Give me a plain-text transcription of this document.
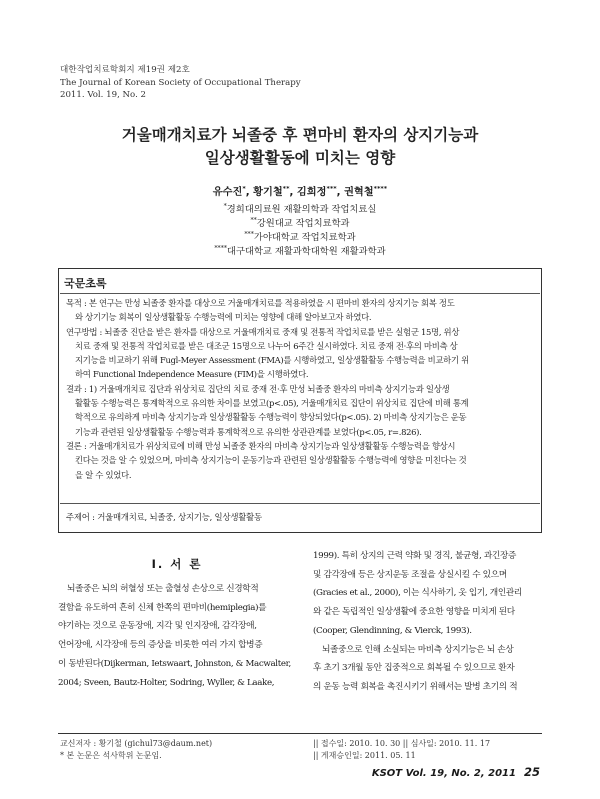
대한작업치료학회지 제19권 제2호
The Journal of Korean Society of Occupational Therapy
2011. Vol. 19, No. 2
거울매개치료가 뇌졸중 후 편마비 환자의 상지기능과
일상생활활동에 미치는 영향
유수진*, 황기철**, 김희정***, 권혁철****
*경희대의료원 재활의학과 작업치료실
**강원대교 작업치료학과
***가야대학교 작업치료학과
****대구대학교 재활과학대학원 재활과학과
국문초록
목적 : 본 연구는 만성 뇌졸중 환자를 대상으로 거울매개치료를 적용하였을 시 편마비 환자의 상지기능 회복 정도
와 상기기능 회복이 일상생활활동 수행능력에 미치는 영향에 대해 알아보고자 하였다.
연구방법 : 뇌졸중 진단을 받은 환자를 대상으로 거울매개치료 중재 및 전통적 작업치료를 받은 실험군 15명, 위상
치료 중재 및 전통적 작업치료를 받은 대조군 15명으로 나누어 6주간 실시하였다. 치료 중재 전·후의 마비측 상
지기능을 비교하기 위해 Fugl-Meyer Assessment (FMA)를 시행하였고, 일상생활활동 수행능력을 비교하기 위
하여 Functional Independence Measure (FIM)을 시행하였다.
결과 : 1) 거울매개치료 집단과 위상치료 집단의 치료 중재 전·후 만성 뇌졸중 환자의 마비측 상지기능과 일상생
활활동 수행능력은 통계학적으로 유의한 차이를 보였고(p<.05), 거울매개치료 집단이 위상치료 집단에 비해 통계
학적으로 유의하게 마비측 상지기능과 일상생활활동 수행능력이 향상되었다(p<.05). 2) 마비측 상지기능은 운동
기능과 관련된 일상생활활동 수행능력과 통계학적으로 유의한 상관관계를 보였다(p<.05, r=.826).
결론 : 거울매개치료가 위상치료에 비해 만성 뇌졸중 환자의 마비측 상지기능과 일상생활활동 수행능력을 향상시
킨다는 것을 알 수 있었으며, 마비측 상지기능이 운동기능과 관련된 일상생활활동 수행능력에 영향을 미친다는 것
을 알 수 있었다.
주제어 : 거울매개치료, 뇌졸중, 상지기능, 일상생활활동
Ⅰ. 서 론
뇌졸중은 뇌의 허혈성 또는 출혈성 손상으로 신경학적
결함을 유도하여 흔히 신체 한쪽의 편마비(hemiplegia)를
야기하는 것으로 운동장애, 지각 및 인지장애, 감각장애,
언어장애, 시각장애 등의 증상을 비롯한 여러 가지 합병증
이 동반된다(Dijkerman, Ietswaart, Johnston, & Macwalter,
2004; Sveen, Bautz-Holter, Sodring, Wyller, & Laake,
1999). 특히 상지의 근력 약화 및 경직, 불균형, 과긴장증
및 감각장애 등은 상지운동 조절을 상실시킬 수 있으며
(Gracies et al., 2000), 이는 식사하기, 옷 입기, 개인관리
와 같은 독립적인 일상생활에 중요한 영향을 미치게 된다
(Cooper, Glendinning, & Vierck, 1993).
뇌졸중으로 인해 소실되는 마비측 상지기능은 뇌 손상
후 초기 3개월 동안 집중적으로 회복될 수 있으므로 환자
의 운동 능력 회복을 촉진시키기 위해서는 발병 초기의 적
교신저자 : 황기철 (gichul73@daum.net)
* 본 논문은 석사학위 논문임.
|| 접수일: 2010. 10. 30 || 심사일: 2010. 11. 17
|| 게재승인일: 2011. 05. 11
KSOT Vol. 19, No. 2, 2011 25
